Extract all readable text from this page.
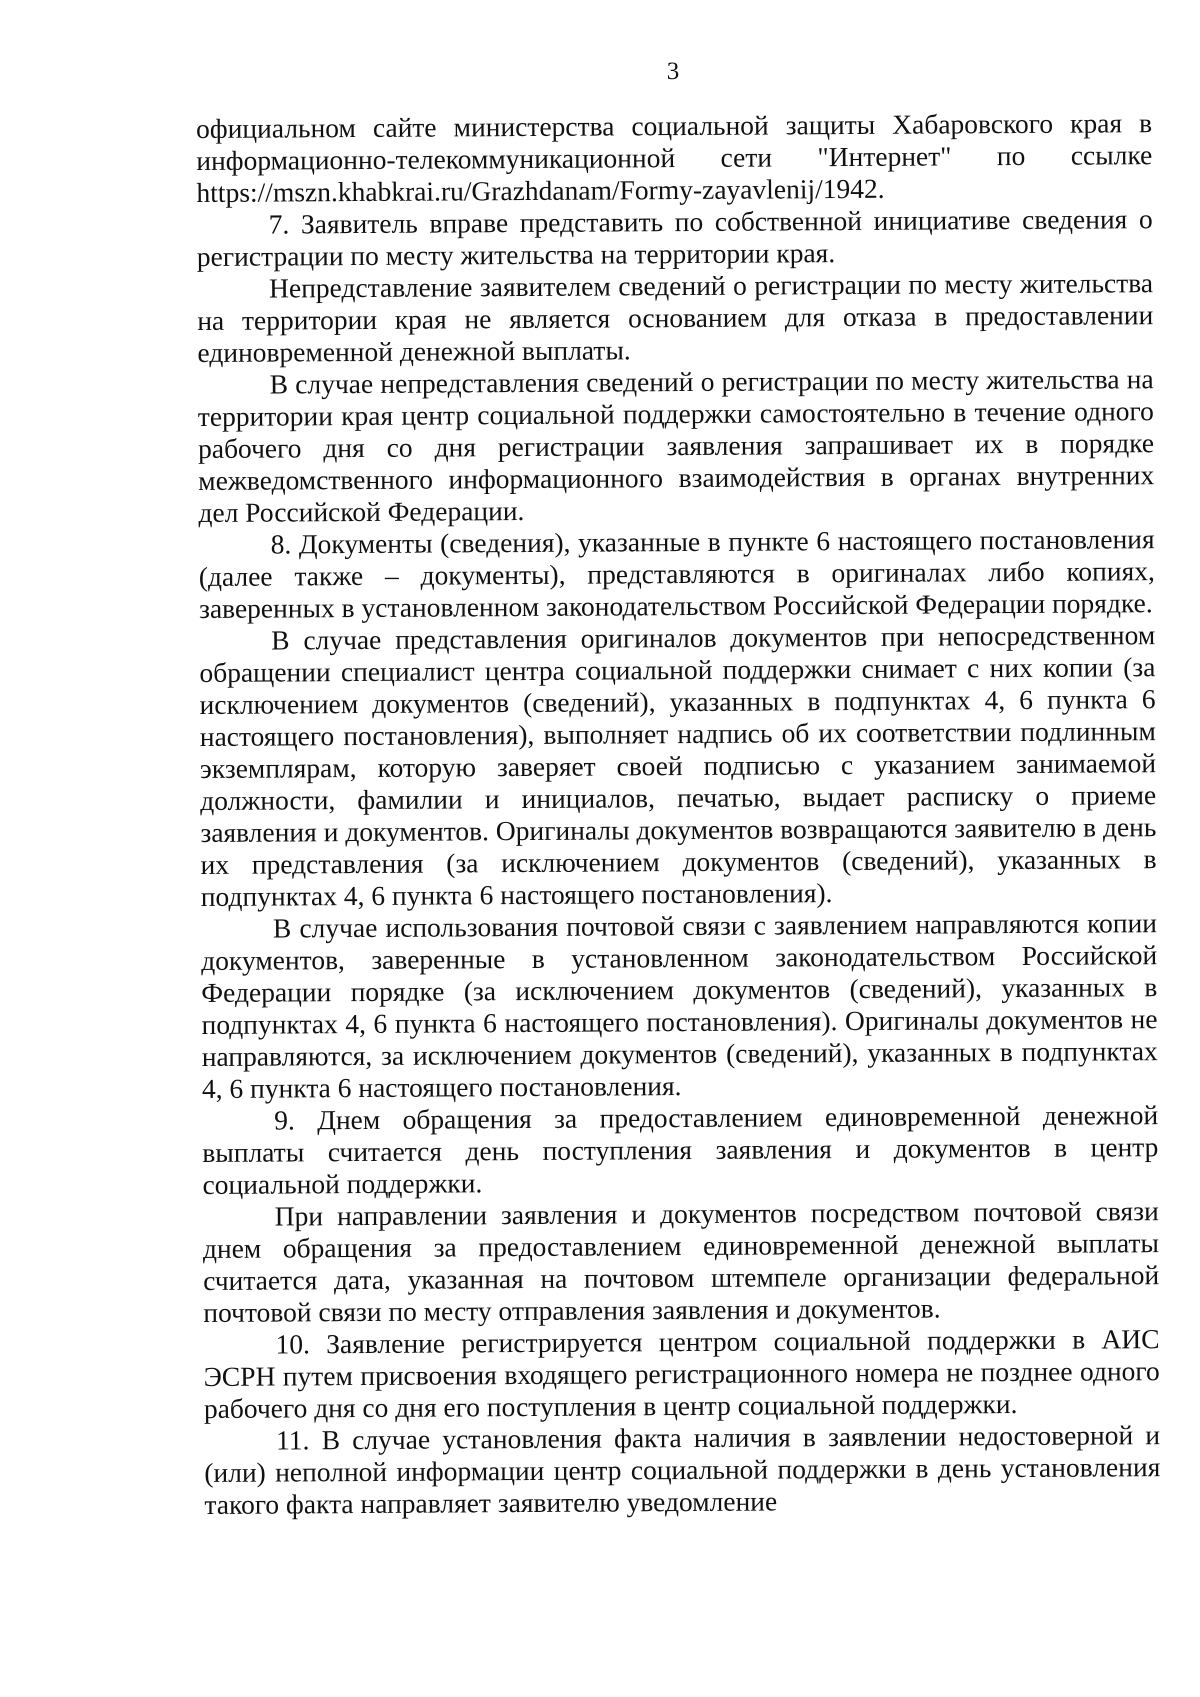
3

официальном сайте министерства социальной защиты Хабаровского края в информационно-телекоммуникационной сети "Интернет" по ссылке https://mszn.khabkrai.ru/Grazhdanam/Formy-zayavlenij/1942.

7. Заявитель вправе представить по собственной инициативе сведения о регистрации по месту жительства на территории края.

Непредставление заявителем сведений о регистрации по месту жительства на территории края не является основанием для отказа в предоставлении единовременной денежной выплаты.

В случае непредставления сведений о регистрации по месту жительства на территории края центр социальной поддержки самостоятельно в течение одного рабочего дня со дня регистрации заявления запрашивает их в порядке межведомственного информационного взаимодействия в органах внутренних дел Российской Федерации.

8. Документы (сведения), указанные в пункте 6 настоящего постановления (далее также – документы), представляются в оригиналах либо копиях, заверенных в установленном законодательством Российской Федерации порядке.

В случае представления оригиналов документов при непосредственном обращении специалист центра социальной поддержки снимает с них копии (за исключением документов (сведений), указанных в подпунктах 4, 6 пункта 6 настоящего постановления), выполняет надпись об их соответствии подлинным экземплярам, которую заверяет своей подписью с указанием занимаемой должности, фамилии и инициалов, печатью, выдает расписку о приеме заявления и документов. Оригиналы документов возвращаются заявителю в день их представления (за исключением документов (сведений), указанных в подпунктах 4, 6 пункта 6 настоящего постановления).

В случае использования почтовой связи с заявлением направляются копии документов, заверенные в установленном законодательством Российской Федерации порядке (за исключением документов (сведений), указанных в подпунктах 4, 6 пункта 6 настоящего постановления). Оригиналы документов не направляются, за исключением документов (сведений), указанных в подпунктах 4, 6 пункта 6 настоящего постановления.

9. Днем обращения за предоставлением единовременной денежной выплаты считается день поступления заявления и документов в центр социальной поддержки.

При направлении заявления и документов посредством почтовой связи днем обращения за предоставлением единовременной денежной выплаты считается дата, указанная на почтовом штемпеле организации федеральной почтовой связи по месту отправления заявления и документов.

10. Заявление регистрируется центром социальной поддержки в АИС ЭСРН путем присвоения входящего регистрационного номера не позднее одного рабочего дня со дня его поступления в центр социальной поддержки.

11. В случае установления факта наличия в заявлении недостоверной и (или) неполной информации центр социальной поддержки в день установления такого факта направляет заявителю уведомление
